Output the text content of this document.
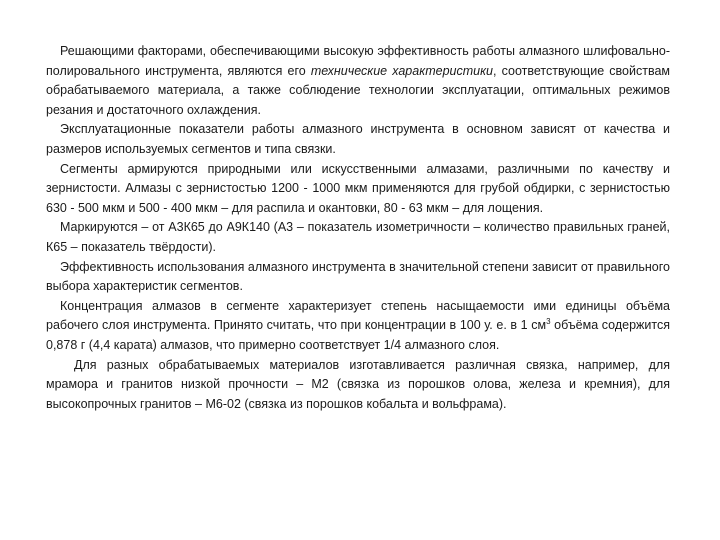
Решающими факторами, обеспечивающими высокую эффективность работы алмазного шлифовально-полировального инструмента, являются его технические характеристики, соответствующие свойствам обрабатываемого материала, а также соблюдение технологии эксплуатации, оптимальных режимов резания и достаточного охлаждения.

Эксплуатационные показатели работы алмазного инструмента в основном зависят от качества и размеров используемых сегментов и типа связки.

Сегменты армируются природными или искусственными алмазами, различными по качеству и зернистости. Алмазы с зернистостью 1200 - 1000 мкм применяются для грубой обдирки, с зернистостью 630 - 500 мкм и 500 - 400 мкм – для распила и окантовки, 80 - 63 мкм – для лощения.

Маркируются – от А3К65 до А9К140 (А3 – показатель изометричности – количество правильных граней, К65 – показатель твёрдости).

Эффективность использования алмазного инструмента в значительной степени зависит от правильного выбора характеристик сегментов.

Концентрация алмазов в сегменте характеризует степень насыщаемости ими единицы объёма рабочего слоя инструмента. Принято считать, что при концентрации в 100 у. е. в 1 $см^3$ объёма содержится 0,878 г (4,4 карата) алмазов, что примерно соответствует 1/4 алмазного слоя.

Для разных обрабатываемых материалов изготавливается различная связка, например, для мрамора и гранитов низкой прочности – М2 (связка из порошков олова, железа и кремния), для высокопрочных гранитов – М6-02 (связка из порошков кобальта и вольфрама).
